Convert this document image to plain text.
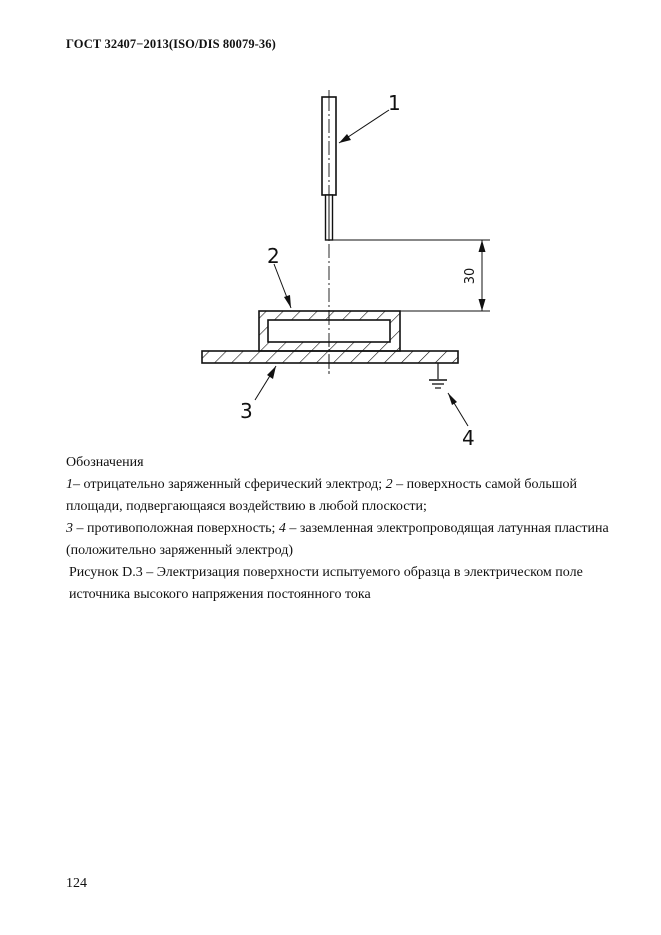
ГОСТ 32407−2013(ISO/DIS 80079-36)
30
1
2
3
4

Обозначения

1– отрицательно заряженный сферический электрод; 2 – поверхность самой большой площади, подвергающаяся воздействию в любой плоскости;

3 – противоположная поверхность; 4 – заземленная электропроводящая латунная пластина (положительно заряженный электрод)

Рисунок D.3 – Электризация поверхности испытуемого образца в электрическом поле источника высокого напряжения постоянного тока

124
